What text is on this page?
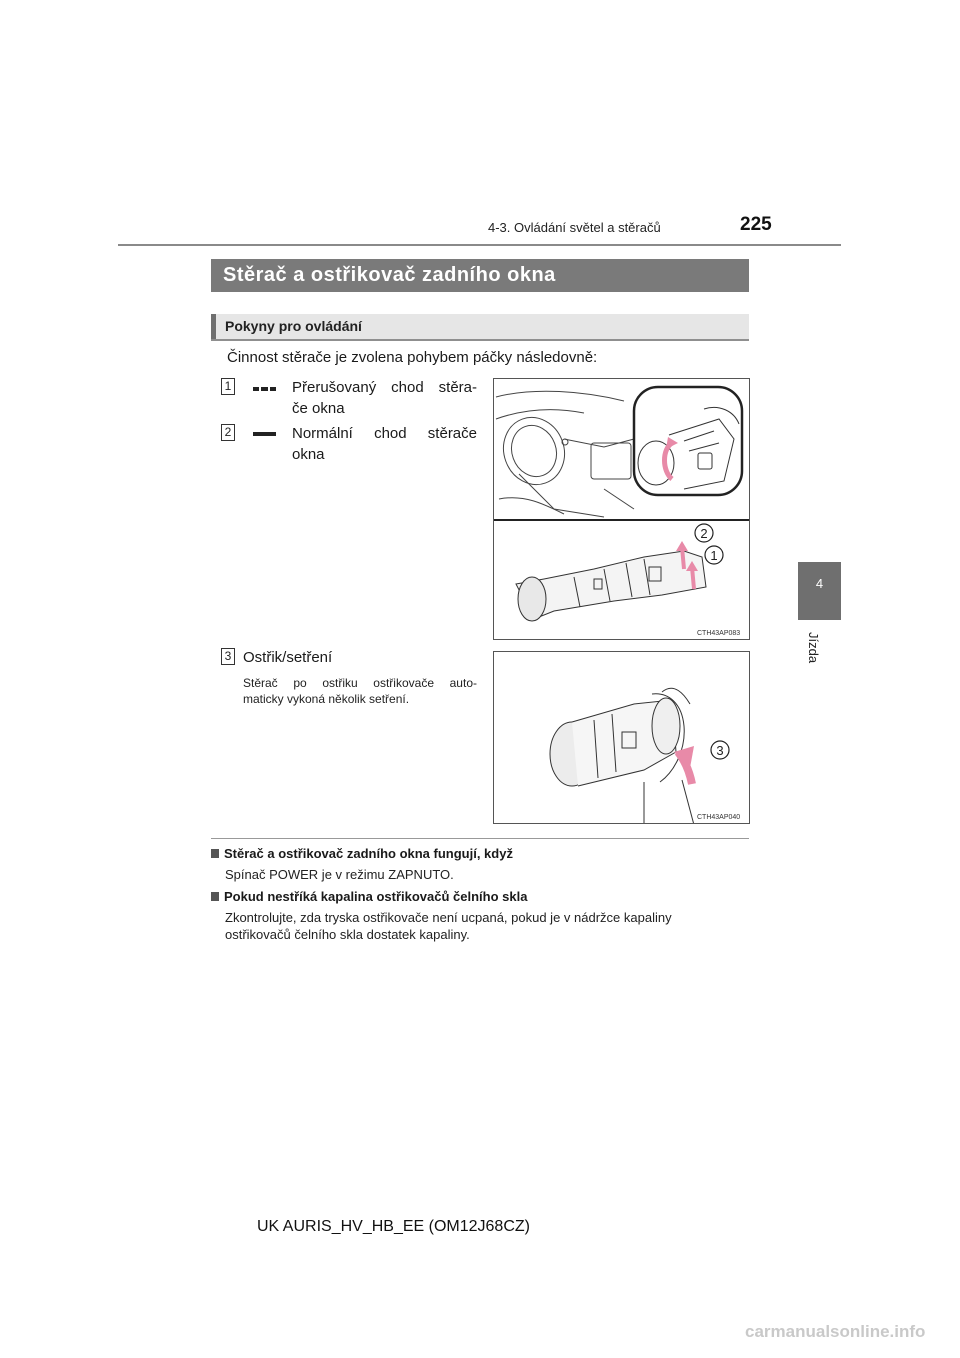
4-3. Ovládání světel a stěračů	225
4
Jízda
Stěrač a ostřikovač zadního okna
Pokyny pro ovládání
Činnost stěrače je zvolena pohybem páčky následovně:
1	Přerušovaný chod stěra-
če okna
2	Normální chod stěrače
okna
3 Ostřik/setření
Stěrač po ostřiku ostřikovače auto-
maticky vykoná několik setření.
2
1
CTH43AP083
3
CTH43AP040
Stěrač a ostřikovač zadního okna fungují, když
Spínač POWER je v režimu ZAPNUTO.
Pokud nestříká kapalina ostřikovačů čelního skla
Zkontrolujte, zda tryska ostřikovače není ucpaná, pokud je v nádržce kapaliny
ostřikovačů čelního skla dostatek kapaliny.
UK AURIS_HV_HB_EE (OM12J68CZ)
carmanualsonline.info
